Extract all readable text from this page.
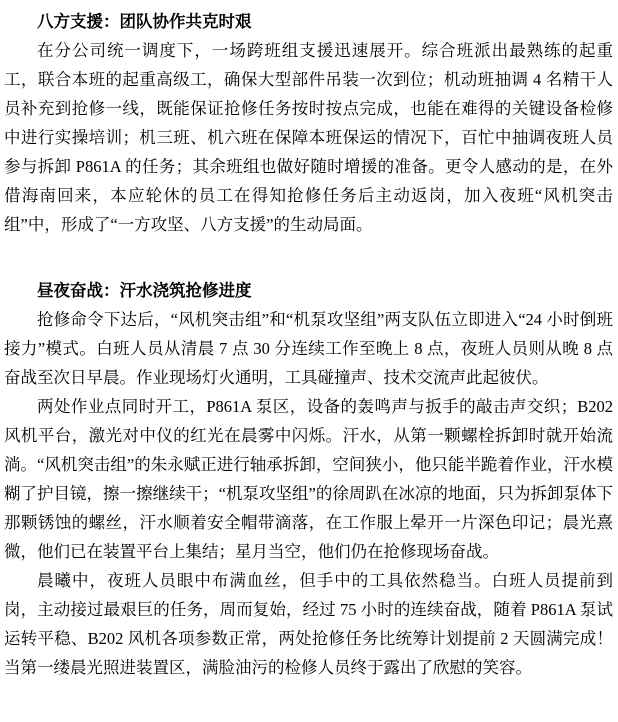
八方支援：团队协作共克时艰

在分公司统一调度下，一场跨班组支援迅速展开。综合班派出最熟练的起重工，联合本班的起重高级工，确保大型部件吊装一次到位；机动班抽调 4 名精干人员补充到抢修一线，既能保证抢修任务按时按点完成，也能在难得的关键设备检修中进行实操培训；机三班、机六班在保障本班保运的情况下，百忙中抽调夜班人员参与拆卸 P861A 的任务；其余班组也做好随时增援的准备。更令人感动的是，在外借海南回来，本应轮休的员工在得知抢修任务后主动返岗，加入夜班“风机突击组”中，形成了“一方攻坚、八方支援”的生动局面。

昼夜奋战：汗水浇筑抢修进度

抢修命令下达后，“风机突击组”和“机泵攻坚组”两支队伍立即进入“24 小时倒班接力”模式。白班人员从清晨 7 点 30 分连续工作至晚上 8 点，夜班人员则从晚 8 点奋战至次日早晨。作业现场灯火通明，工具碰撞声、技术交流声此起彼伏。

两处作业点同时开工，P861A 泵区，设备的轰鸣声与扳手的敲击声交织；B202 风机平台，激光对中仪的红光在晨雾中闪烁。汗水，从第一颗螺栓拆卸时就开始流淌。“风机突击组”的朱永赋正进行轴承拆卸，空间狭小，他只能半跪着作业，汗水模糊了护目镜，擦一擦继续干；“机泵攻坚组”的徐周趴在冰凉的地面，只为拆卸泵体下那颗锈蚀的螺丝，汗水顺着安全帽带滴落，在工作服上晕开一片深色印记；晨光熹微，他们已在装置平台上集结；星月当空，他们仍在抢修现场奋战。

晨曦中，夜班人员眼中布满血丝，但手中的工具依然稳当。白班人员提前到岗，主动接过最艰巨的任务，周而复始，经过 75 小时的连续奋战，随着 P861A 泵试运转平稳、B202 风机各项参数正常，两处抢修任务比统筹计划提前 2 天圆满完成！当第一缕晨光照进装置区，满脸油污的检修人员终于露出了欣慰的笑容。
